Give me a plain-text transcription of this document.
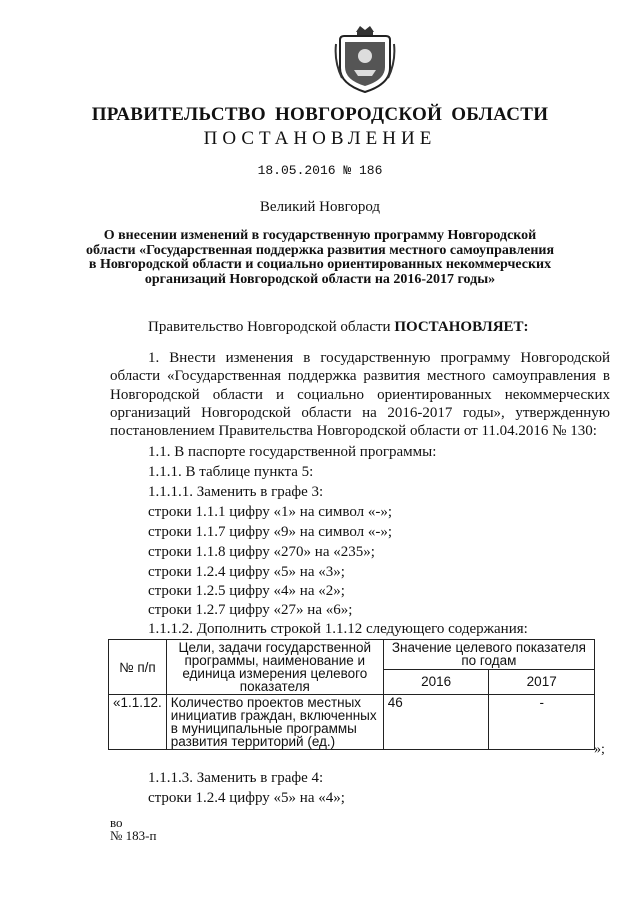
ПРАВИТЕЛЬСТВО НОВГОРОДСКОЙ ОБЛАСТИ
ПОСТАНОВЛЕНИЕ
18.05.2016 № 186
Великий Новгород
О внесении изменений в государственную программу Новгородской
области «Государственная поддержка развития местного самоуправления
в Новгородской области и социально ориентированных некоммерческих
организаций Новгородской области на 2016-2017 годы»
Правительство Новгородской области ПОСТАНОВЛЯЕТ:
1. Внести изменения в государственную программу Новгородской
области «Государственная поддержка развития местного самоуправления в
Новгородской области и социально ориентированных некоммерческих
организаций Новгородской области на 2016-2017 годы», утвержденную
постановлением Правительства Новгородской области от 11.04.2016 № 130:
1.1. В паспорте государственной программы:
1.1.1. В таблице пункта 5:
1.1.1.1. Заменить в графе 3:
строки 1.1.1 цифру «1» на символ «-»;
строки 1.1.7 цифру «9» на символ «-»;
строки 1.1.8 цифру «270» на «235»;
строки 1.2.4 цифру «5» на «3»;
строки 1.2.5 цифру «4» на «2»;
строки 1.2.7 цифру «27» на «6»;
1.1.1.2. Дополнить строкой 1.1.12 следующего содержания:
№ п/п	Цели, задачи государственной программы, наименование и единица измерения целевого показателя	Значение целевого показателя по годам	
		2016	2017
«1.1.12.	Количество проектов местных инициатив граждан, включенных в муниципальные программы развития территорий (ед.)	46	-
»;
1.1.1.3. Заменить в графе 4:
строки 1.2.4 цифру «5» на «4»;
во
№ 183-п
